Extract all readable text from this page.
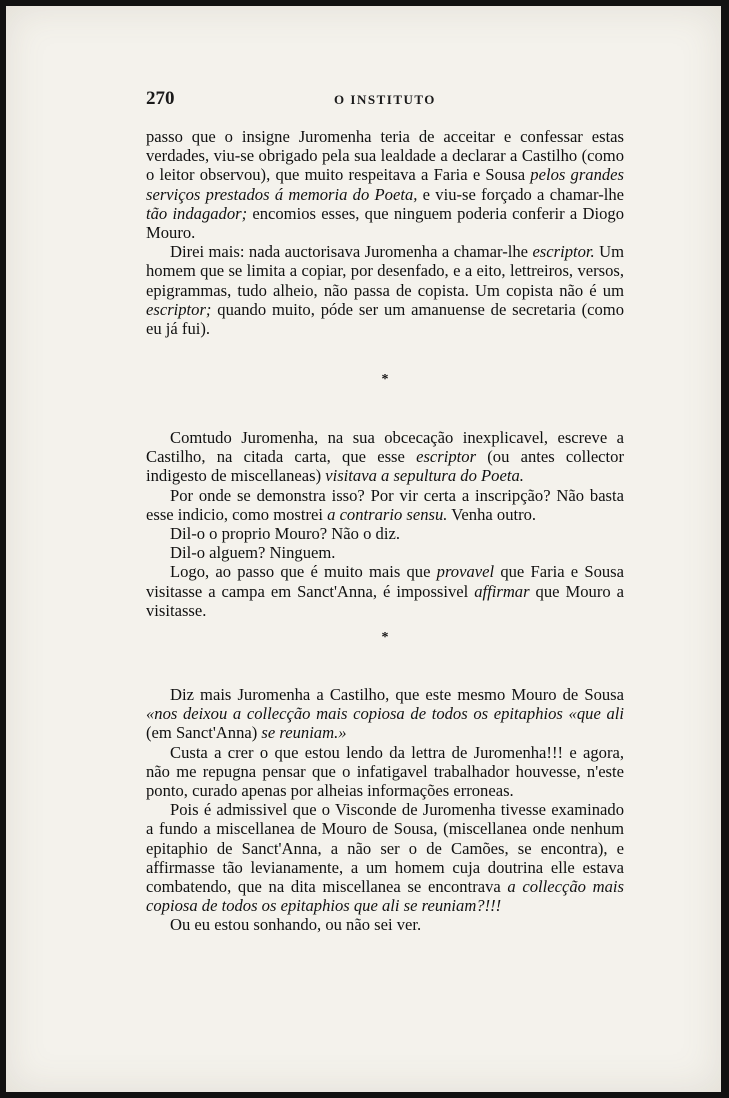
270	O INSTITUTO

passo que o insigne Juromenha teria de acceitar e confessar estas verdades, viu-se obrigado pela sua lealdade a declarar a Castilho (como o leitor observou), que muito respeitava a Faria e Sousa pelos grandes serviços prestados á memoria do Poeta, e viu-se forçado a chamar-lhe tão indagador; encomios esses, que ninguem poderia conferir a Diogo Mouro.

Direi mais: nada auctorisava Juromenha a chamar-lhe escriptor. Um homem que se limita a copiar, por desenfado, e a eito, lettreiros, versos, epigrammas, tudo alheio, não passa de copista. Um copista não é um escriptor; quando muito, póde ser um amanuense de secretaria (como eu já fui).

*

Comtudo Juromenha, na sua obcecação inexplicavel, escreve a Castilho, na citada carta, que esse escriptor (ou antes collector indigesto de miscellaneas) visitava a sepultura do Poeta.

Por onde se demonstra isso? Por vir certa a inscripção? Não basta esse indicio, como mostrei a contrario sensu. Venha outro.

Dil-o o proprio Mouro? Não o diz.

Dil-o alguem? Ninguem.

Logo, ao passo que é muito mais que provavel que Faria e Sousa visitasse a campa em Sanct'Anna, é impossivel affirmar que Mouro a visitasse.

*

Diz mais Juromenha a Castilho, que este mesmo Mouro de Sousa «nos deixou a collecção mais copiosa de todos os epitaphios «que ali (em Sanct'Anna) se reuniam.»

Custa a crer o que estou lendo da lettra de Juromenha!!! e agora, não me repugna pensar que o infatigavel trabalhador houvesse, n'este ponto, curado apenas por alheias informações erroneas.

Pois é admissivel que o Visconde de Juromenha tivesse examinado a fundo a miscellanea de Mouro de Sousa, (miscellanea onde nenhum epitaphio de Sanct'Anna, a não ser o de Camões, se encontra), e affirmasse tão levianamente, a um homem cuja doutrina elle estava combatendo, que na dita miscellanea se encontrava a collecção mais copiosa de todos os epitaphios que ali se reuniam?!!!

Ou eu estou sonhando, ou não sei ver.
